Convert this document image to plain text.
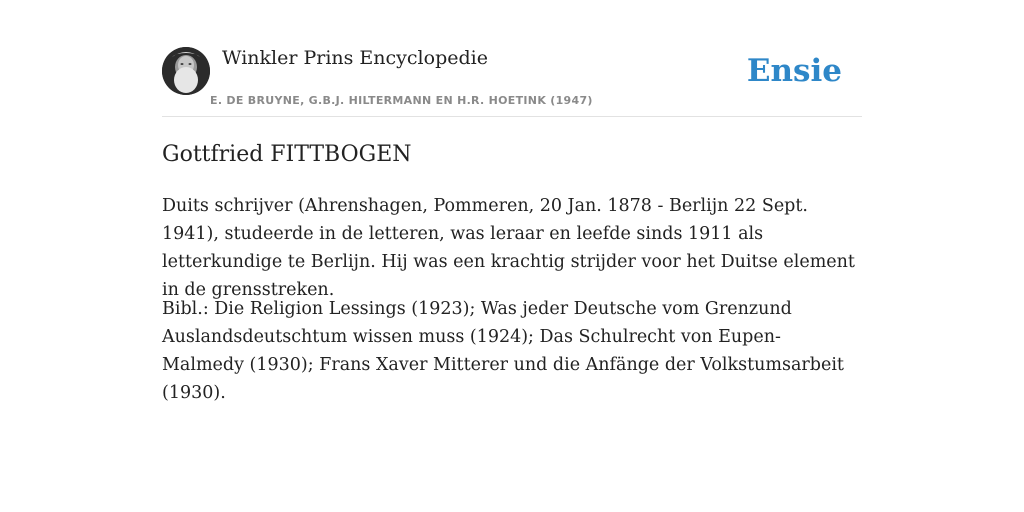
Winkler Prins Encyclopedie
E. DE BRUYNE, G.B.J. HILTERMANN EN H.R. HOETINK (1947)
Ensie
Gottfried FITTBOGEN

Duits schrijver (Ahrenshagen, Pommeren, 20 Jan. 1878 - Berlijn 22 Sept. 1941), studeerde in de letteren, was leraar en leefde sinds 1911 als letterkundige te Berlijn. Hij was een krachtig strijder voor het Duitse element in de grensstreken.

Bibl.: Die Religion Lessings (1923); Was jeder Deutsche vom Grenzund Auslandsdeutschtum wissen muss (1924); Das Schulrecht von Eupen-Malmedy (1930); Frans Xaver Mitterer und die Anfänge der Volkstumsarbeit (1930).
